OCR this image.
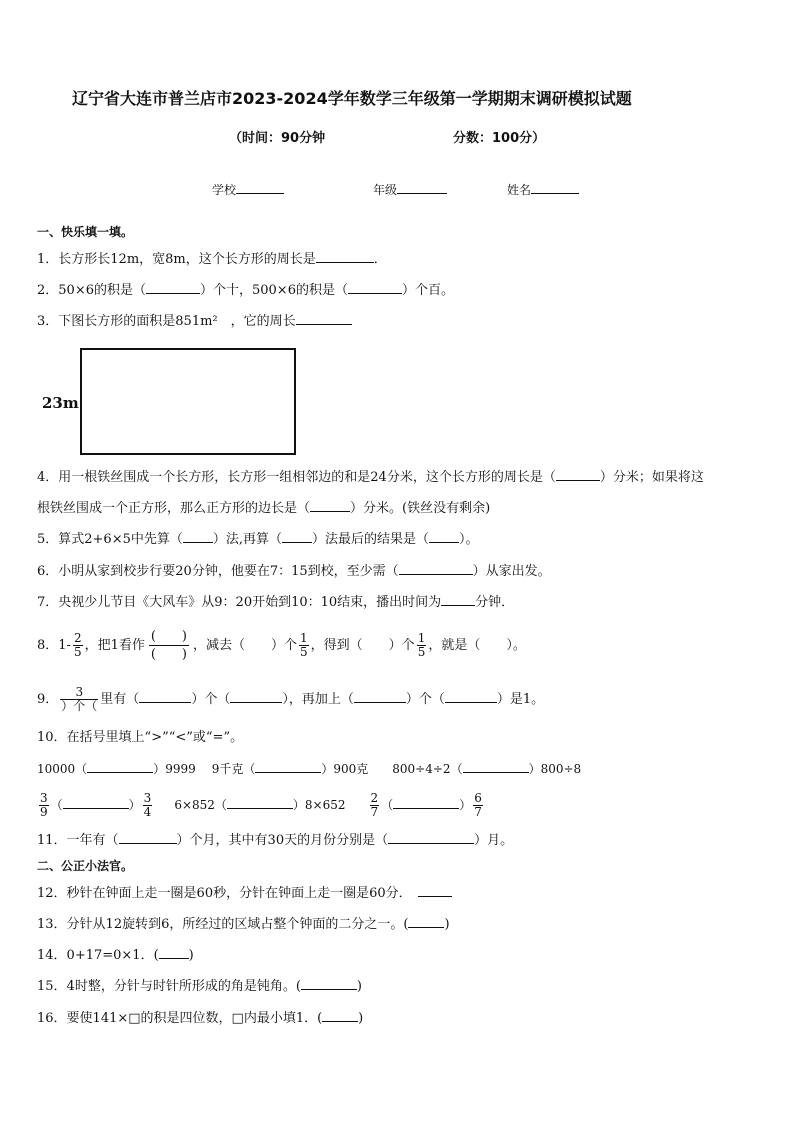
辽宁省大连市普兰店市2023-2024学年数学三年级第一学期期末调研模拟试题
（时间：90分钟	分数：100分）
学校	年级	姓名
一、快乐填一填。
1．长方形长12m，宽8m，这个长方形的周长是	．
2．50×6的积是（	）个十，500×6的积是（	）个百。
3．下图长方形的面积是851m²　，它的周长
23m
4．用一根铁丝围成一个长方形，长方形一组相邻边的和是24分米，这个长方形的周长是（	）分米；如果将这
根铁丝围成一个正方形，那么正方形的边长是（	）分米。(铁丝没有剩余)
5．算式2+6×5中先算（ ）法,再算（ ）法最后的结果是（ ）。
6．小明从家到校步行要20分钟，他要在7：15到校，至少需（	）从家出发。
7．央视少儿节目《大风车》从9：20开始到10：10结束，播出时间为	分钟．
8．$1- \frac{2}{5}$ ，把1看作
(　　)
(　　)
，减去（　　）个 $\frac{1}{5}$ ，得到（　　）个 $\frac{1}{5}$ ，就是（　　）。
9． $\frac{3}{\text{）个（}}$ 里有（	）个（	），再加上（	）个（	）是1。
10．在括号里填上“>”“<”或“=”。
10000（	）9999 9千克（	）900克 800÷4÷2（	）800÷8
$\frac{3}{9}$ （	） $\frac{3}{4} 6\times 852$（	）$8\times 652 \frac{2}{7}$ （	） $\frac{6}{7}$
11．一年有（	）个月，其中有30天的月份分别是（	）月。
二、公正小法官。
12．秒针在钟面上走一圈是60秒，分针在钟面上走一圈是60分．
13．分针从12旋转到6，所经过的区域占整个钟面的二分之一。(	)
14．0+17=0×1．( )
15．4时整，分针与时针所形成的角是钝角。(	)
16．要使141×□的积是四位数，□内最小填1．(	)
